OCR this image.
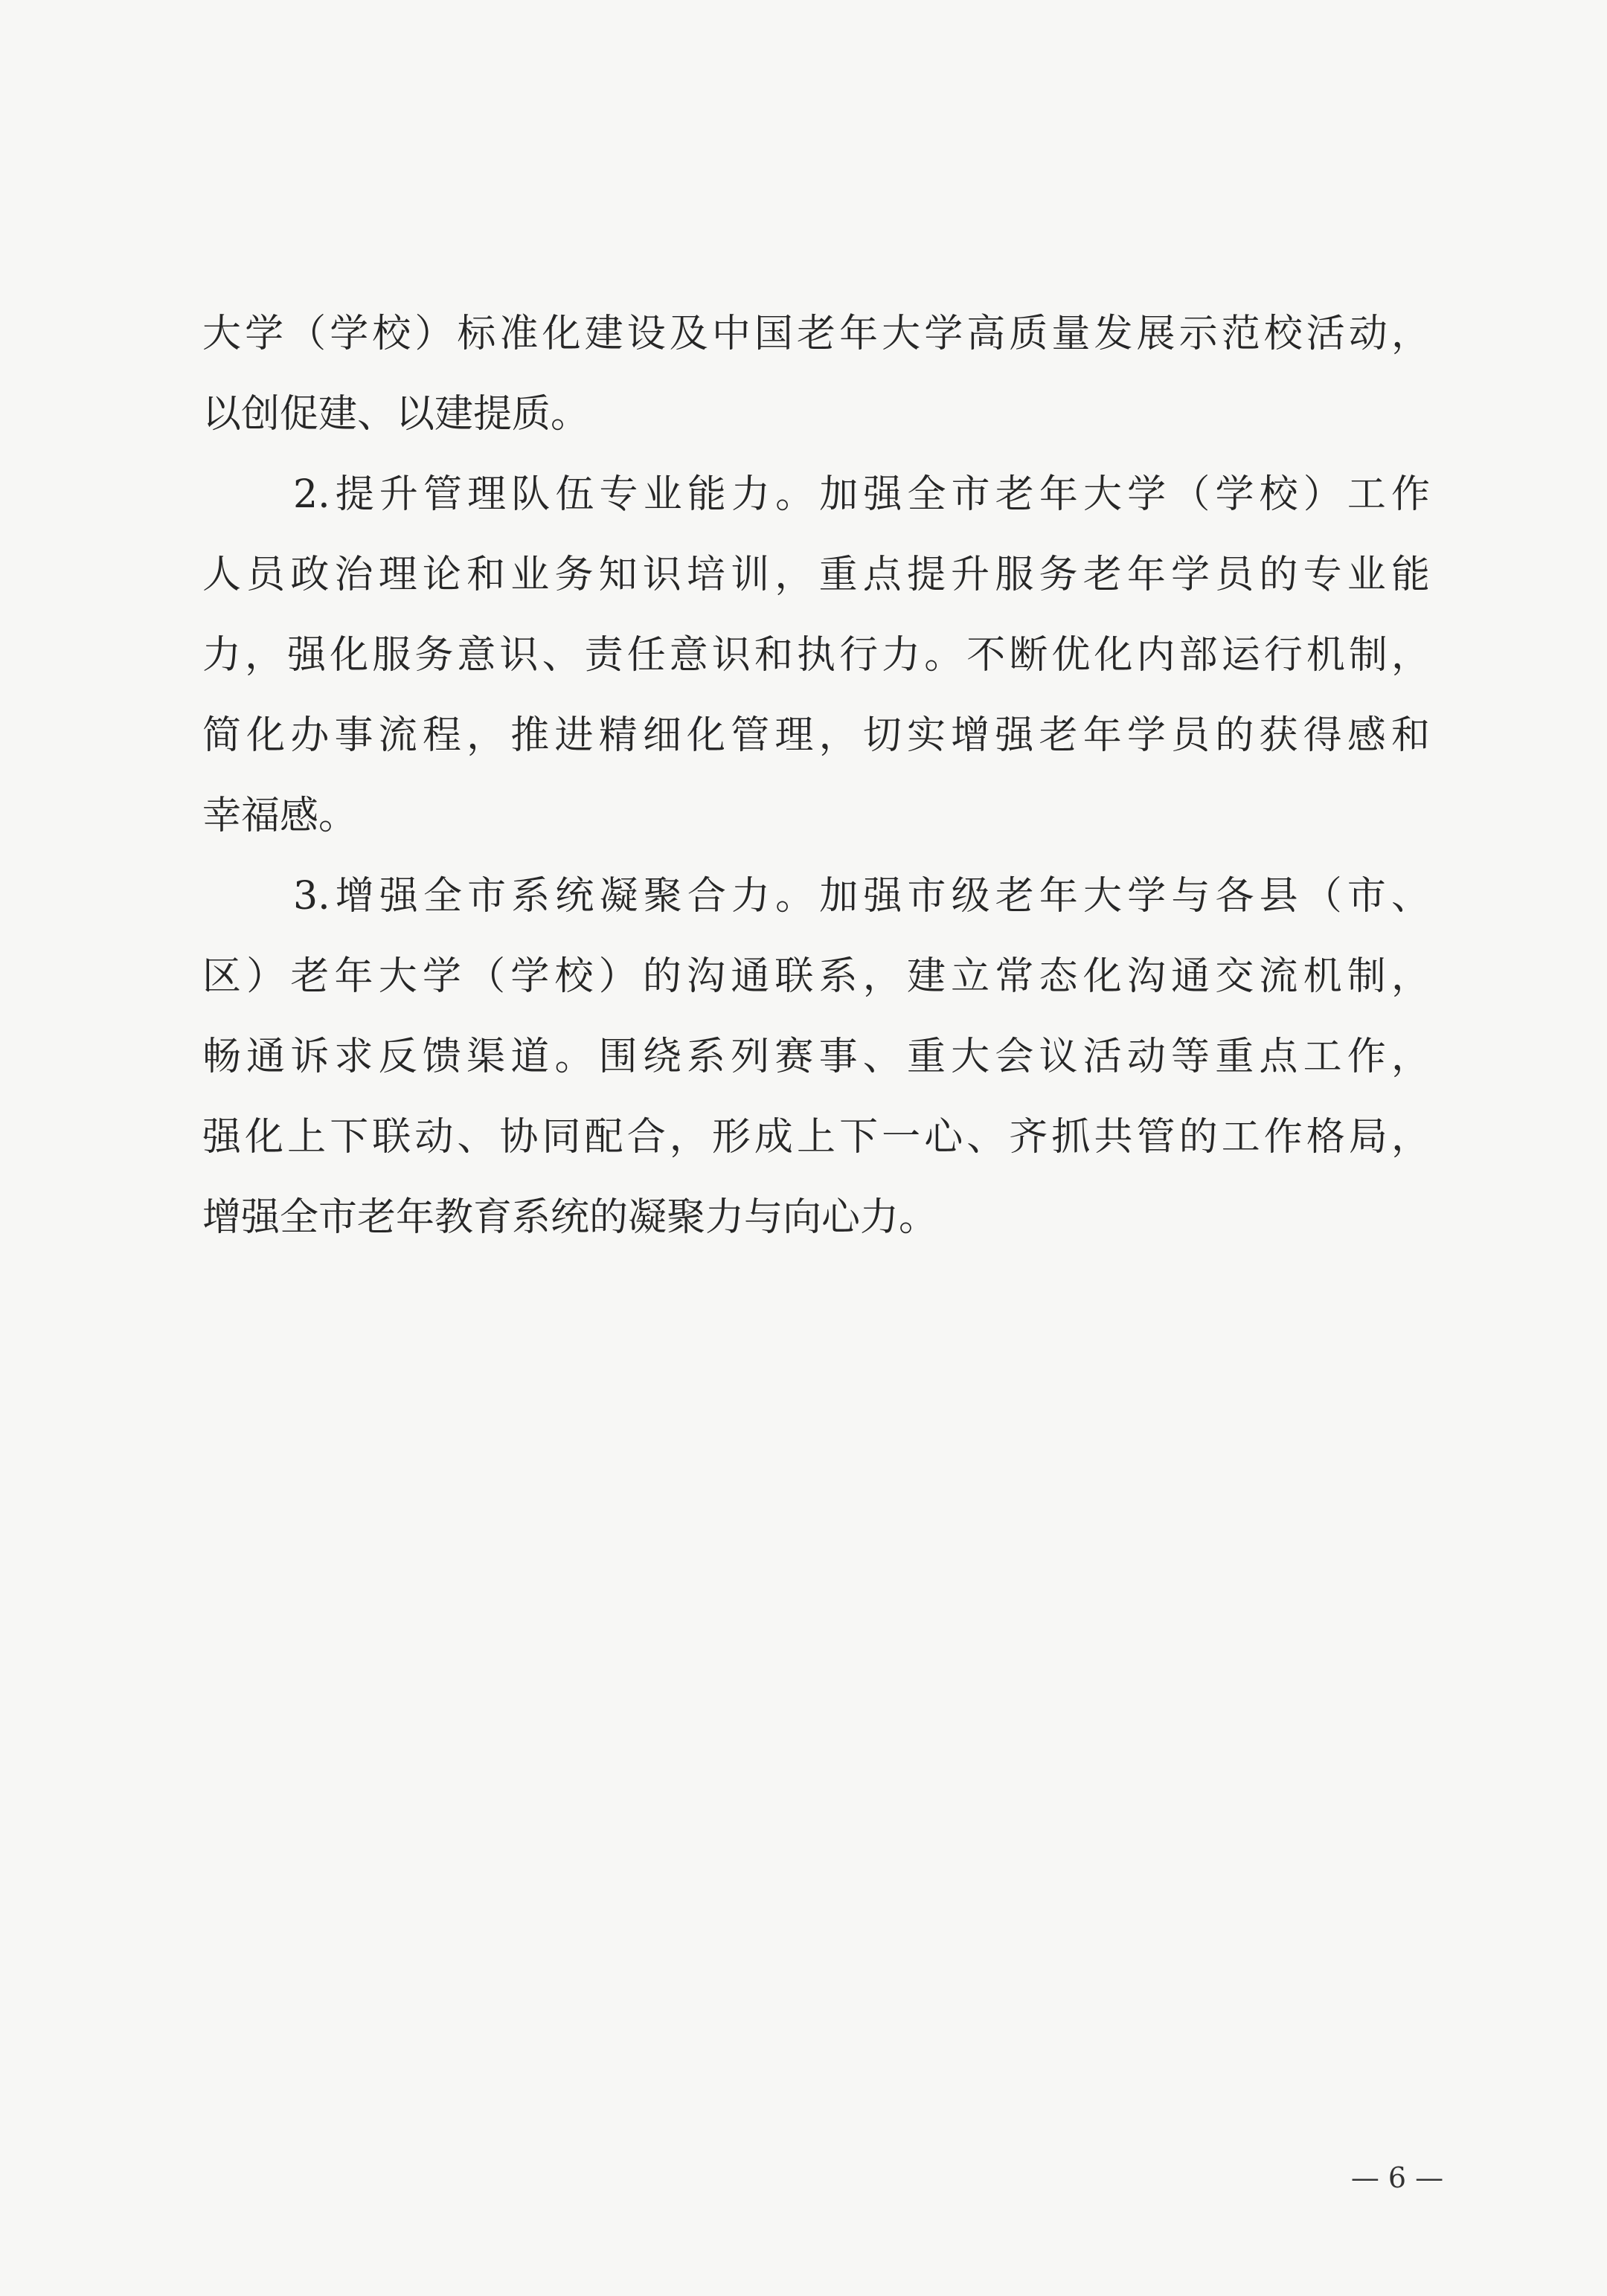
大学（学校）标准化建设及中国老年大学高质量发展示范校活动，
以创促建、以建提质。
2.提升管理队伍专业能力。加强全市老年大学（学校）工作
人员政治理论和业务知识培训，重点提升服务老年学员的专业能
力，强化服务意识、责任意识和执行力。不断优化内部运行机制，
简化办事流程，推进精细化管理，切实增强老年学员的获得感和
幸福感。
3.增强全市系统凝聚合力。加强市级老年大学与各县（市、
区）老年大学（学校）的沟通联系，建立常态化沟通交流机制，
畅通诉求反馈渠道。围绕系列赛事、重大会议活动等重点工作，
强化上下联动、协同配合，形成上下一心、齐抓共管的工作格局，
增强全市老年教育系统的凝聚力与向心力。
— 6 —
